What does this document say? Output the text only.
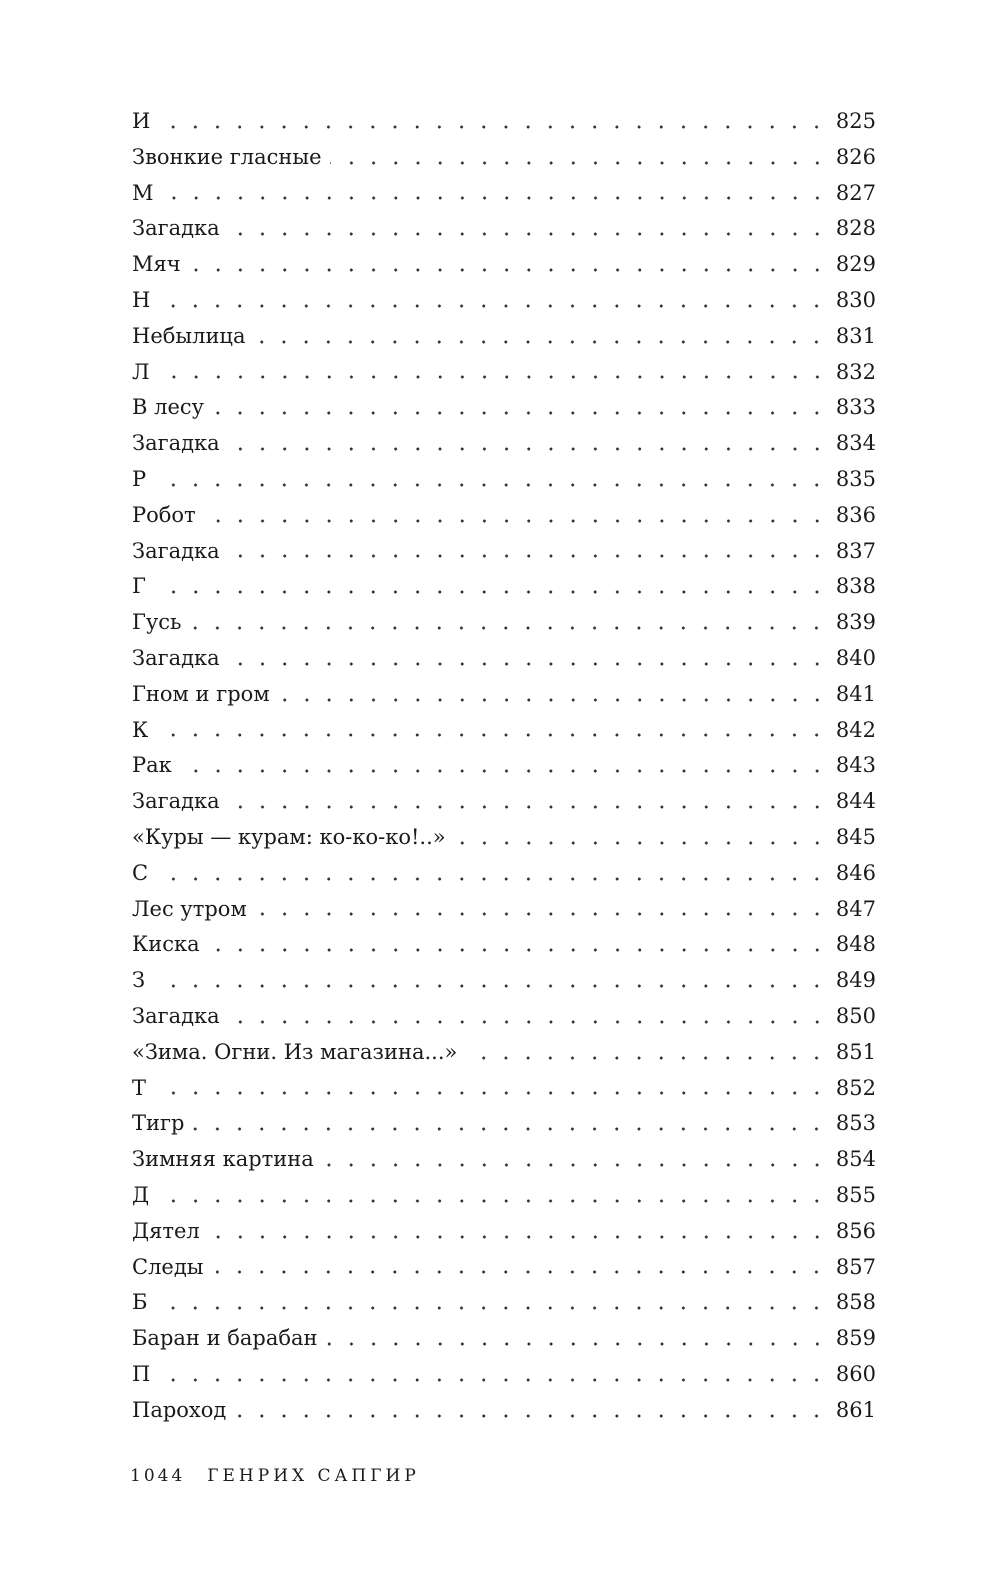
И	825
Звонкие гласные	826
М	827
Загадка	828
Мяч	829
Н	830
Небылица	831
Л	832
В лесу	833
Загадка	834
Р	835
Робот	836
Загадка	837
Г	838
Гусь	839
Загадка	840
Гном и гром	841
К	842
Рак	843
Загадка	844
«Куры — курам: ко-ко-ко!..»	845
С	846
Лес утром	847
Киска	848
З	849
Загадка	850
«Зима. Огни. Из магазина...»	851
Т	852
Тигр	853
Зимняя картина	854
Д	855
Дятел	856
Следы	857
Б	858
Баран и барабан	859
П	860
Пароход	861
1044 ГЕНРИХ САПГИР
